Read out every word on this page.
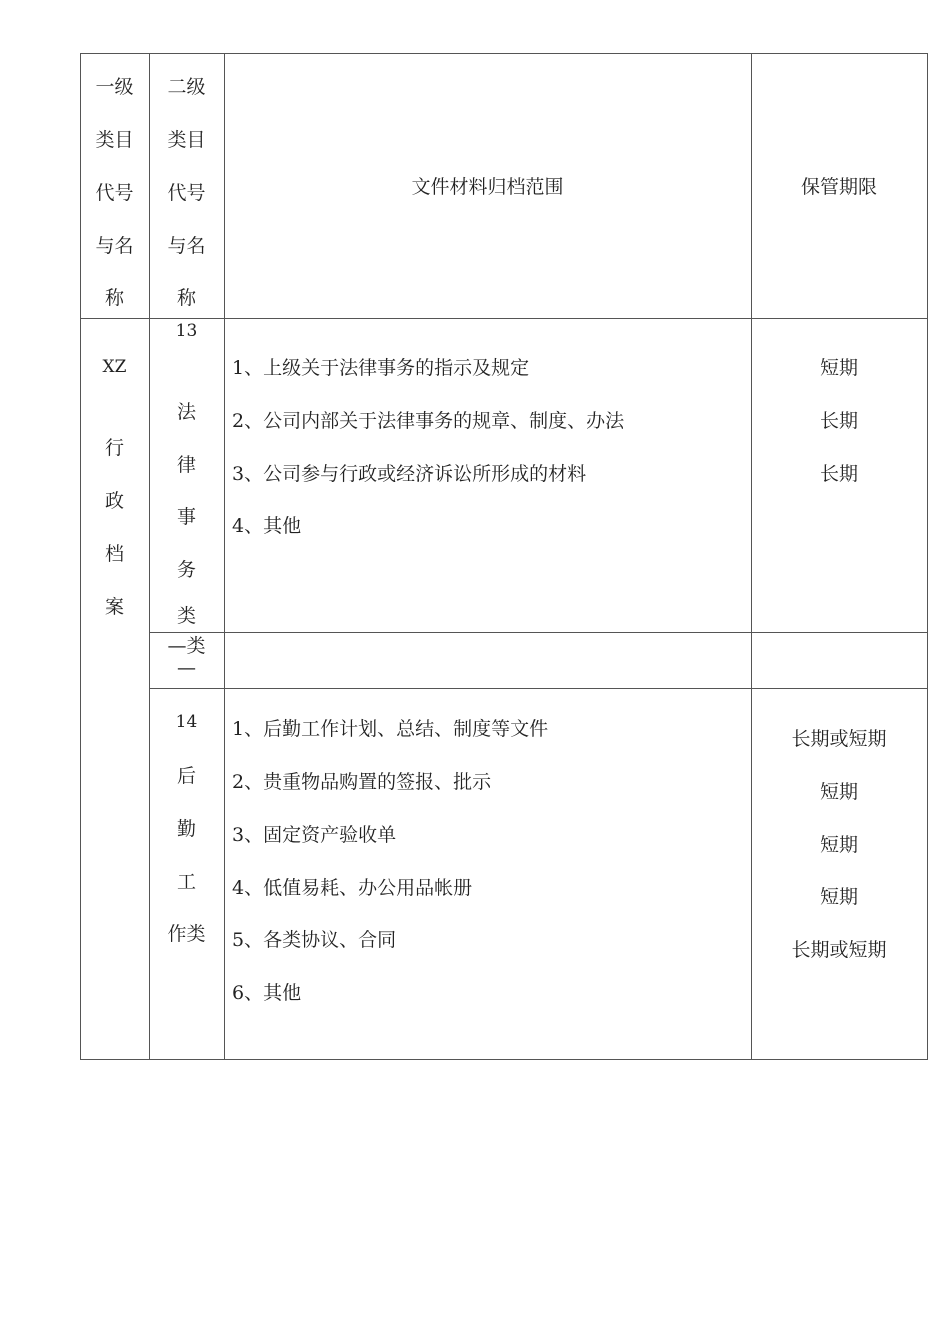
一级
类目
代号
与名
称
二级
类目
代号
与名
称
文件材料归档范围	保管期限
XZ
行
政
档
案
13
法
律
事
务
类
1、上级关于法律事务的指示及规定
2、公司内部关于法律事务的规章、制度、办法
3、公司参与行政或经济诉讼所形成的材料
4、其他
短期
长期
长期
—类
—
14
后
勤
工
作类
1、后勤工作计划、总结、制度等文件
2、贵重物品购置的签报、批示
3、固定资产验收单
4、低值易耗、办公用品帐册
5、各类协议、合同
6、其他
长期或短期
短期
短期
短期
长期或短期
